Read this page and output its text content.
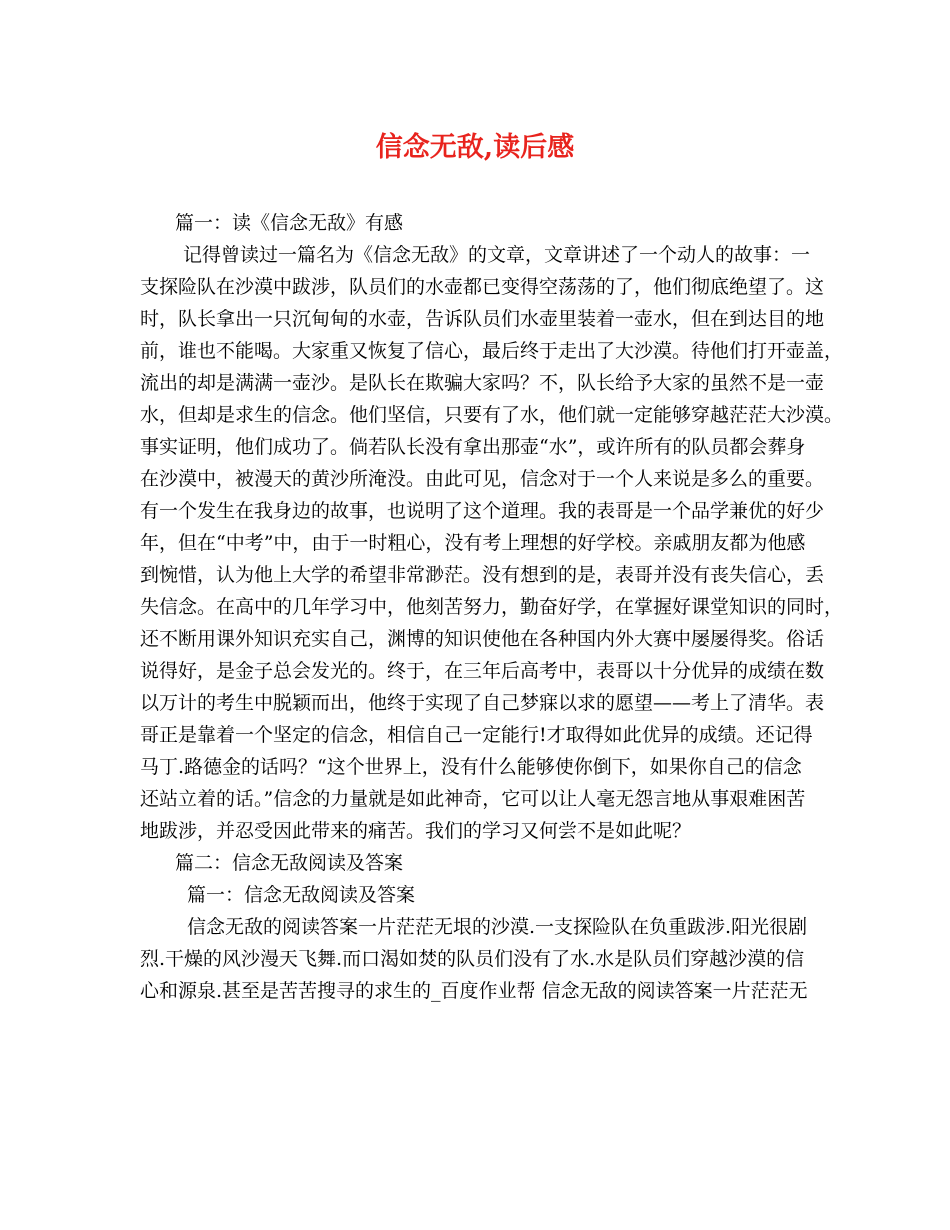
信念无敌,读后感

篇一：读《信念无敌》有感

记得曾读过一篇名为《信念无敌》的文章，文章讲述了一个动人的故事：一

支探险队在沙漠中跋涉，队员们的水壶都已变得空荡荡的了，他们彻底绝望了。这

时，队长拿出一只沉甸甸的水壶，告诉队员们水壶里装着一壶水，但在到达目的地

前，谁也不能喝。大家重又恢复了信心，最后终于走出了大沙漠。待他们打开壶盖，

流出的却是满满一壶沙。是队长在欺骗大家吗？不，队长给予大家的虽然不是一壶

水，但却是求生的信念。他们坚信，只要有了水，他们就一定能够穿越茫茫大沙漠。

事实证明，他们成功了。倘若队长没有拿出那壶“水”，或许所有的队员都会葬身

在沙漠中，被漫天的黄沙所淹没。由此可见，信念对于一个人来说是多么的重要。

有一个发生在我身边的故事，也说明了这个道理。我的表哥是一个品学兼优的好少

年，但在“中考”中，由于一时粗心，没有考上理想的好学校。亲戚朋友都为他感

到惋惜，认为他上大学的希望非常渺茫。没有想到的是，表哥并没有丧失信心，丢

失信念。在高中的几年学习中，他刻苦努力，勤奋好学，在掌握好课堂知识的同时，

还不断用课外知识充实自己，渊博的知识使他在各种国内外大赛中屡屡得奖。俗话

说得好，是金子总会发光的。终于，在三年后高考中，表哥以十分优异的成绩在数

以万计的考生中脱颖而出，他终于实现了自己梦寐以求的愿望——考上了清华。表

哥正是靠着一个坚定的信念，相信自己一定能行!才取得如此优异的成绩。还记得

马丁.路德金的话吗？“这个世界上，没有什么能够使你倒下，如果你自己的信念

还站立着的话。”信念的力量就是如此神奇，它可以让人毫无怨言地从事艰难困苦

地跋涉，并忍受因此带来的痛苦。我们的学习又何尝不是如此呢？

篇二：信念无敌阅读及答案

篇一：信念无敌阅读及答案

信念无敌的阅读答案一片茫茫无垠的沙漠.一支探险队在负重跋涉.阳光很剧

烈.干燥的风沙漫天飞舞.而口渴如焚的队员们没有了水.水是队员们穿越沙漠的信

心和源泉.甚至是苦苦搜寻的求生的_百度作业帮 信念无敌的阅读答案一片茫茫无
